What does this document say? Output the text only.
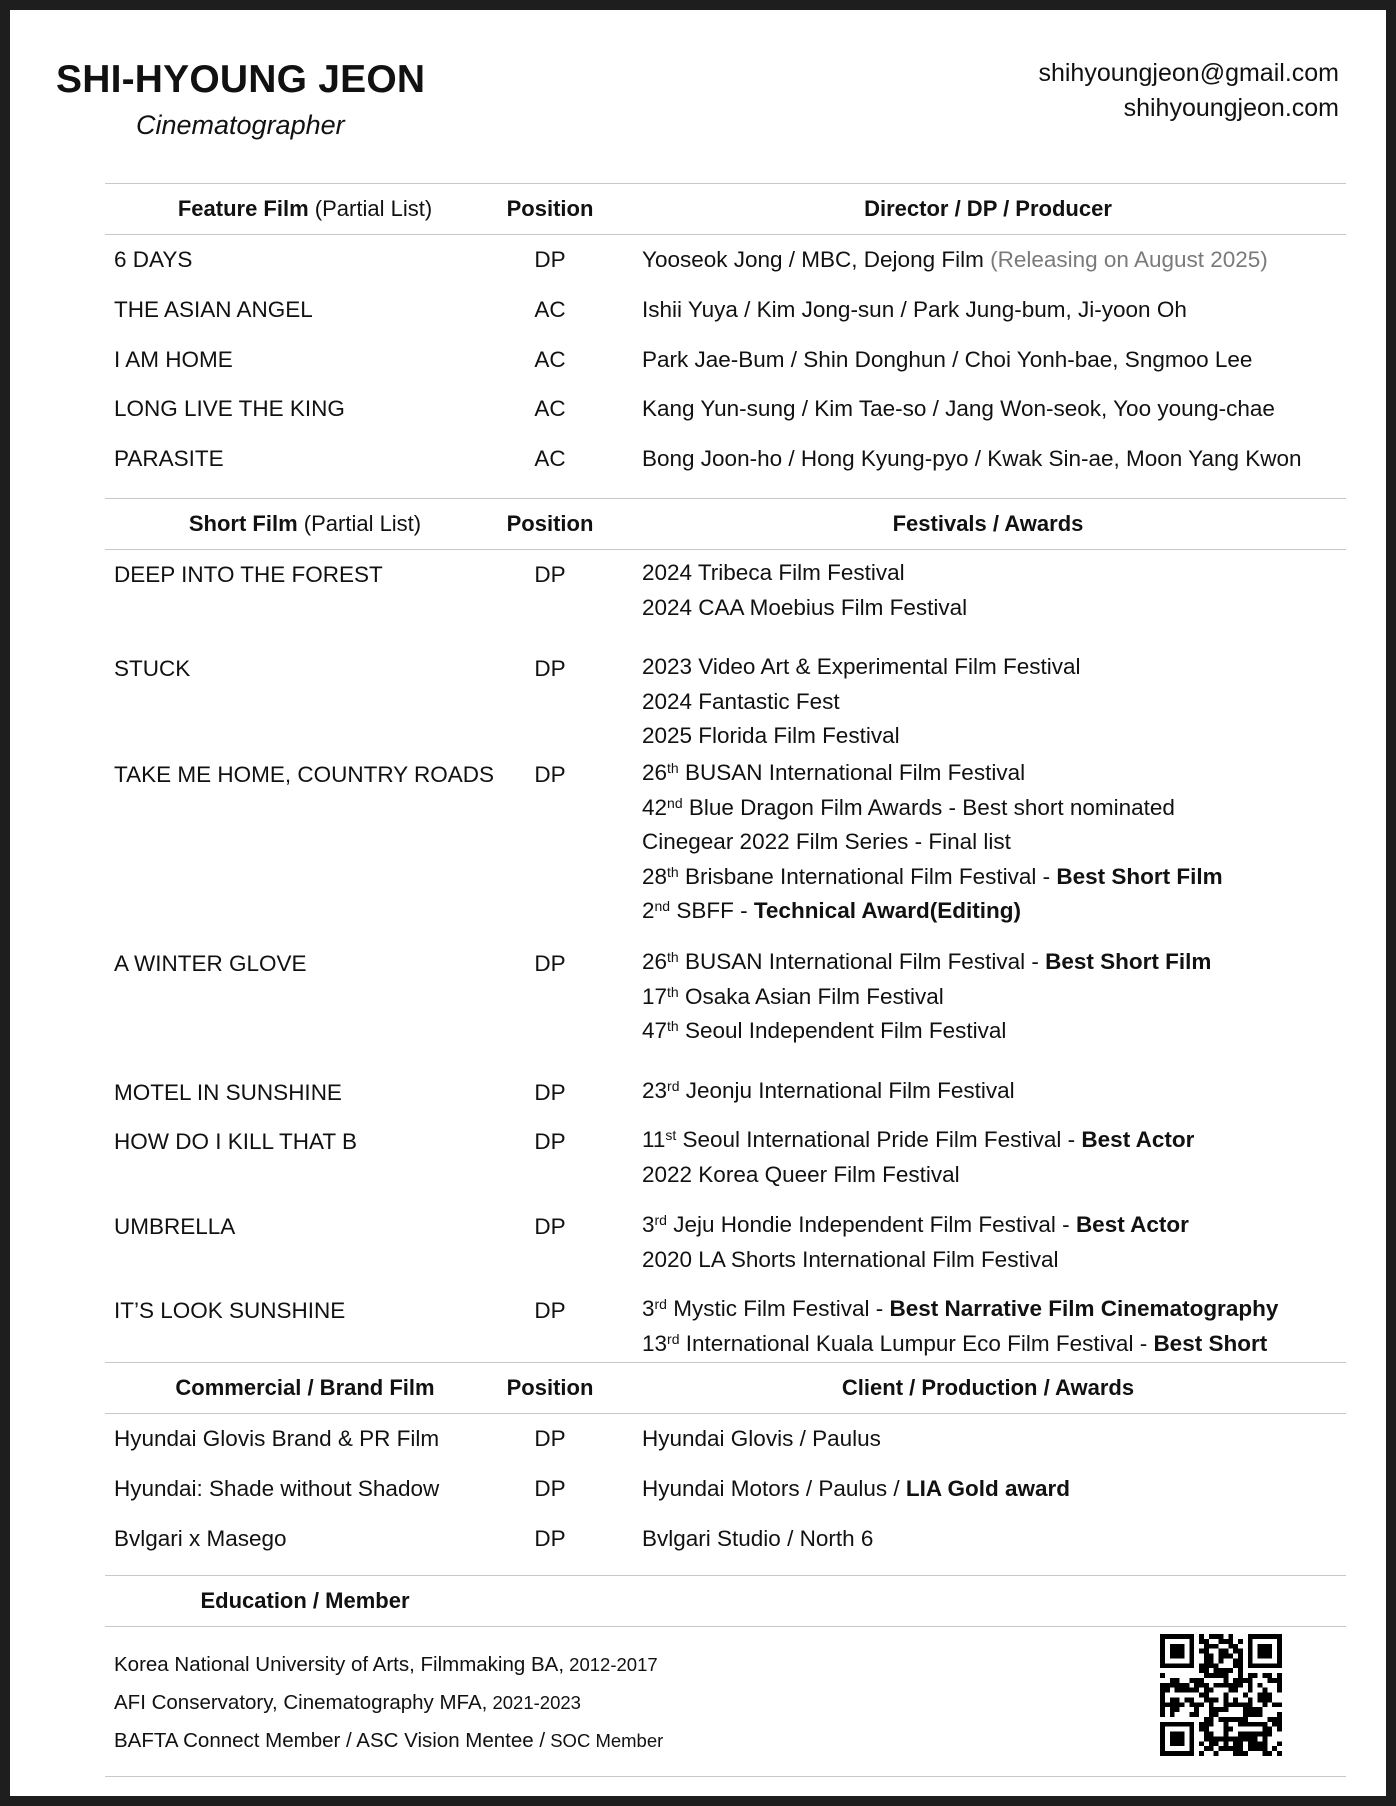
SHI-HYOUNG JEON
Cinematographer
shihyoungjeon@gmail.com
shihyoungjeon.com
Feature Film (Partial List)	Position	Director / DP / Producer
6 DAYS	DP	Yooseok Jong / MBC, Dejong Film (Releasing on August 2025)
THE ASIAN ANGEL	AC	Ishii Yuya / Kim Jong-sun / Park Jung-bum, Ji-yoon Oh
I AM HOME	AC	Park Jae-Bum / Shin Donghun / Choi Yonh-bae, Sngmoo Lee
LONG LIVE THE KING	AC	Kang Yun-sung / Kim Tae-so / Jang Won-seok, Yoo young-chae
PARASITE	AC	Bong Joon-ho / Hong Kyung-pyo / Kwak Sin-ae, Moon Yang Kwon
Short Film (Partial List)	Position	Festivals / Awards
DEEP INTO THE FOREST	DP	2024 Tribeca Film Festival
2024 CAA Moebius Film Festival
STUCK	DP	2023 Video Art & Experimental Film Festival
2024 Fantastic Fest
2025 Florida Film Festival
TAKE ME HOME, COUNTRY ROADS	DP	26th BUSAN International Film Festival
42nd Blue Dragon Film Awards - Best short nominated
Cinegear 2022 Film Series - Final list
28th Brisbane International Film Festival - Best Short Film
2nd SBFF - Technical Award(Editing)
A WINTER GLOVE	DP	26th BUSAN International Film Festival - Best Short Film
17th Osaka Asian Film Festival
47th Seoul Independent Film Festival
MOTEL IN SUNSHINE	DP	23rd Jeonju International Film Festival
HOW DO I KILL THAT B	DP	11st Seoul International Pride Film Festival - Best Actor
2022 Korea Queer Film Festival
UMBRELLA	DP	3rd Jeju Hondie Independent Film Festival - Best Actor
2020 LA Shorts International Film Festival
IT’S LOOK SUNSHINE	DP	3rd Mystic Film Festival - Best Narrative Film Cinematography
13rd International Kuala Lumpur Eco Film Festival - Best Short
Commercial / Brand Film	Position	Client / Production / Awards
Hyundai Glovis Brand & PR Film	DP	Hyundai Glovis / Paulus
Hyundai: Shade without Shadow	DP	Hyundai Motors / Paulus / LIA Gold award
Bvlgari x Masego	DP	Bvlgari Studio / North 6
Education / Member
Korea National University of Arts, Filmmaking BA, 2012-2017
AFI Conservatory, Cinematography MFA, 2021-2023
BAFTA Connect Member / ASC Vision Mentee / SOC Member
